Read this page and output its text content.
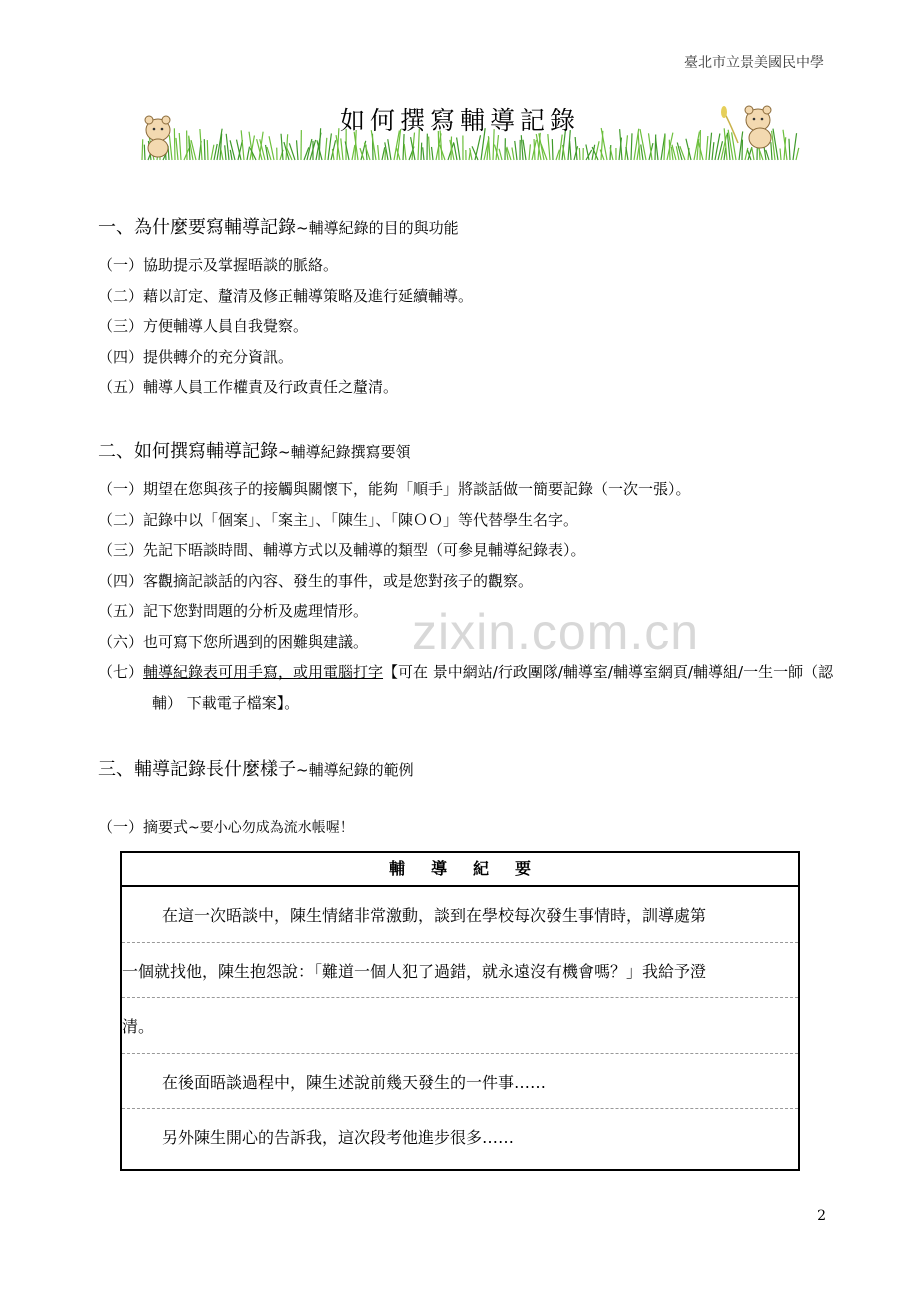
臺北市立景美國民中學
如何撰寫輔導記錄
zixin.com.cn
一、為什麼要寫輔導記錄~輔導紀錄的目的與功能
（一）協助提示及掌握晤談的脈絡。
（二）藉以訂定、釐清及修正輔導策略及進行延續輔導。
（三）方便輔導人員自我覺察。
（四）提供轉介的充分資訊。
（五）輔導人員工作權責及行政責任之釐清。
二、如何撰寫輔導記錄~輔導紀錄撰寫要領
（一）期望在您與孩子的接觸與關懷下，能夠「順手」將談話做一簡要記錄（一次一張）。
（二）記錄中以「個案」、「案主」、「陳生」、「陳ＯＯ」等代替學生名字。
（三）先記下晤談時間、輔導方式以及輔導的類型（可參見輔導紀錄表）。
（四）客觀摘記談話的內容、發生的事件，或是您對孩子的觀察。
（五）記下您對問題的分析及處理情形。
（六）也可寫下您所遇到的困難與建議。
（七）輔導紀錄表可用手寫，或用電腦打字【可在 景中網站/行政團隊/輔導室/輔導室網頁/輔導組/一生一師（認輔） 下載電子檔案】。
三、輔導記錄長什麼樣子~輔導紀錄的範例
（一）摘要式~要小心勿成為流水帳喔！
輔導紀要
在這一次晤談中，陳生情緒非常激動，談到在學校每次發生事情時，訓導處第
一個就找他，陳生抱怨說：「難道一個人犯了過錯，就永遠沒有機會嗎？」我給予澄
清。
在後面晤談過程中，陳生述說前幾天發生的一件事……
另外陳生開心的告訴我，這次段考他進步很多……
2
